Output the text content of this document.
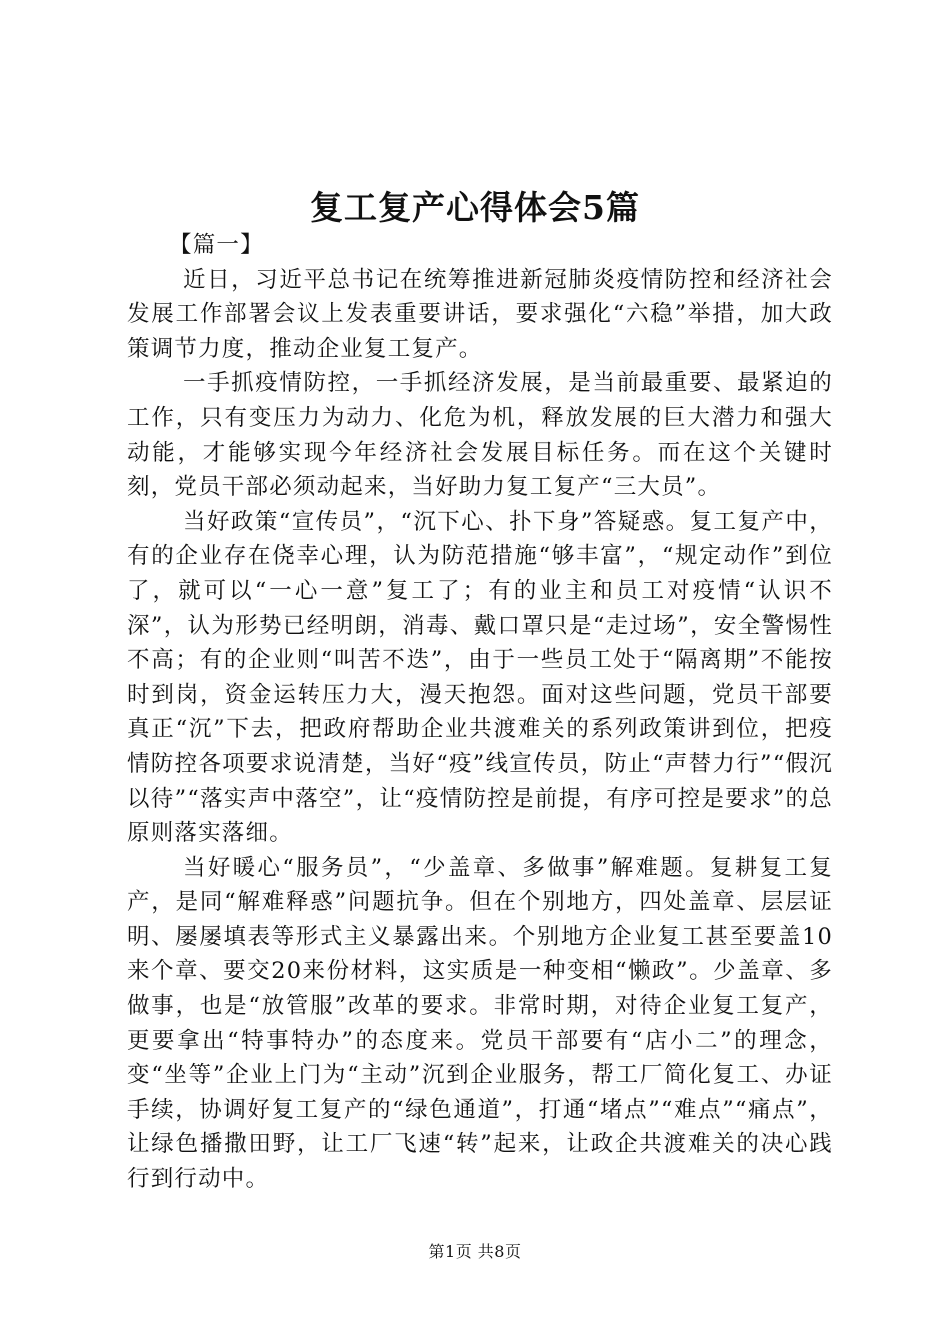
复工复产心得体会5篇

【篇一】

近日，习近平总书记在统筹推进新冠肺炎疫情防控和经济社会发展工作部署会议上发表重要讲话，要求强化“六稳”举措，加大政策调节力度，推动企业复工复产。

一手抓疫情防控，一手抓经济发展，是当前最重要、最紧迫的工作，只有变压力为动力、化危为机，释放发展的巨大潜力和强大动能，才能够实现今年经济社会发展目标任务。而在这个关键时刻，党员干部必须动起来，当好助力复工复产“三大员”。

当好政策“宣传员”，“沉下心、扑下身”答疑惑。复工复产中，有的企业存在侥幸心理，认为防范措施“够丰富”，“规定动作”到位了，就可以“一心一意”复工了；有的业主和员工对疫情“认识不深”，认为形势已经明朗，消毒、戴口罩只是“走过场”，安全警惕性不高；有的企业则“叫苦不迭”，由于一些员工处于“隔离期”不能按时到岗，资金运转压力大，漫天抱怨。面对这些问题，党员干部要真正“沉”下去，把政府帮助企业共渡难关的系列政策讲到位，把疫情防控各项要求说清楚，当好“疫”线宣传员，防止“声替力行”“假沉以待”“落实声中落空”，让“疫情防控是前提，有序可控是要求”的总原则落实落细。

当好暖心“服务员”，“少盖章、多做事”解难题。复耕复工复产，是同“解难释惑”问题抗争。但在个别地方，四处盖章、层层证明、屡屡填表等形式主义暴露出来。个别地方企业复工甚至要盖10来个章、要交20来份材料，这实质是一种变相“懒政”。少盖章、多做事，也是“放管服”改革的要求。非常时期，对待企业复工复产，更要拿出“特事特办”的态度来。党员干部要有“店小二”的理念，变“坐等”企业上门为“主动”沉到企业服务，帮工厂简化复工、办证手续，协调好复工复产的“绿色通道”，打通“堵点”“难点”“痛点”，让绿色播撒田野，让工厂飞速“转”起来，让政企共渡难关的决心践行到行动中。

第1页 共8页
